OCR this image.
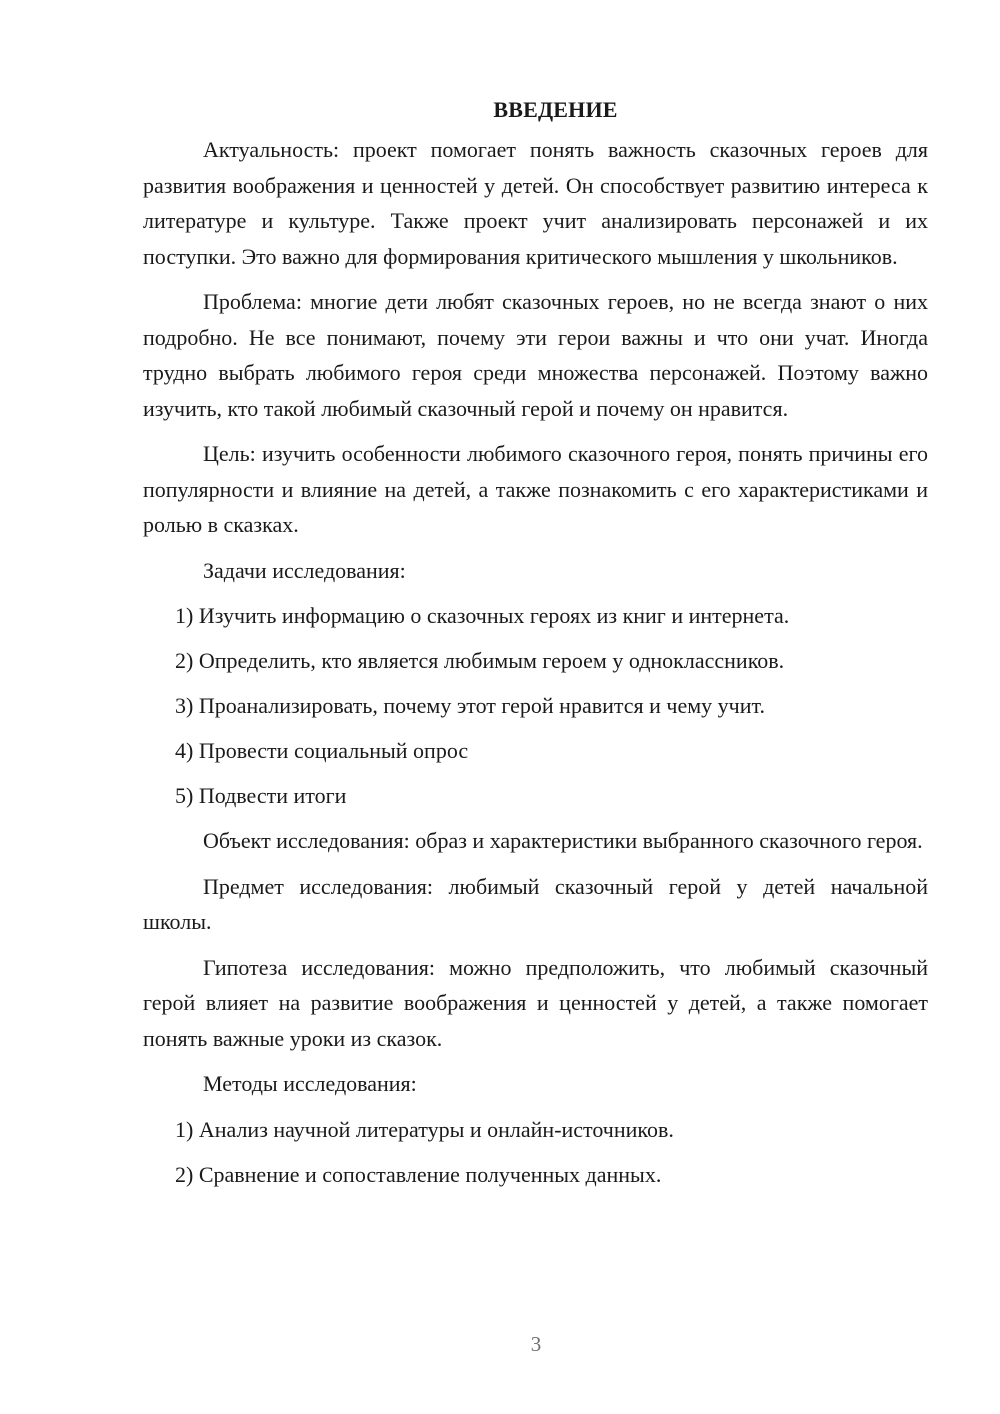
ВВЕДЕНИЕ

Актуальность: проект помогает понять важность сказочных героев для развития воображения и ценностей у детей. Он способствует развитию интереса к литературе и культуре. Также проект учит анализировать персонажей и их поступки. Это важно для формирования критического мышления у школьников.

Проблема: многие дети любят сказочных героев, но не всегда знают о них подробно. Не все понимают, почему эти герои важны и что они учат. Иногда трудно выбрать любимого героя среди множества персонажей. Поэтому важно изучить, кто такой любимый сказочный герой и почему он нравится.

Цель: изучить особенности любимого сказочного героя, понять причины его популярности и влияние на детей, а также познакомить с его характеристиками и ролью в сказках.

Задачи исследования:

1) Изучить информацию о сказочных героях из книг и интернета.
2) Определить, кто является любимым героем у одноклассников.
3) Проанализировать, почему этот герой нравится и чему учит.
4) Провести социальный опрос
5) Подвести итоги

Объект исследования: образ и характеристики выбранного сказочного героя.

Предмет исследования: любимый сказочный герой у детей начальной школы.

Гипотеза исследования: можно предположить, что любимый сказочный герой влияет на развитие воображения и ценностей у детей, а также помогает понять важные уроки из сказок.

Методы исследования:

1) Анализ научной литературы и онлайн-источников.
2) Сравнение и сопоставление полученных данных.
3
